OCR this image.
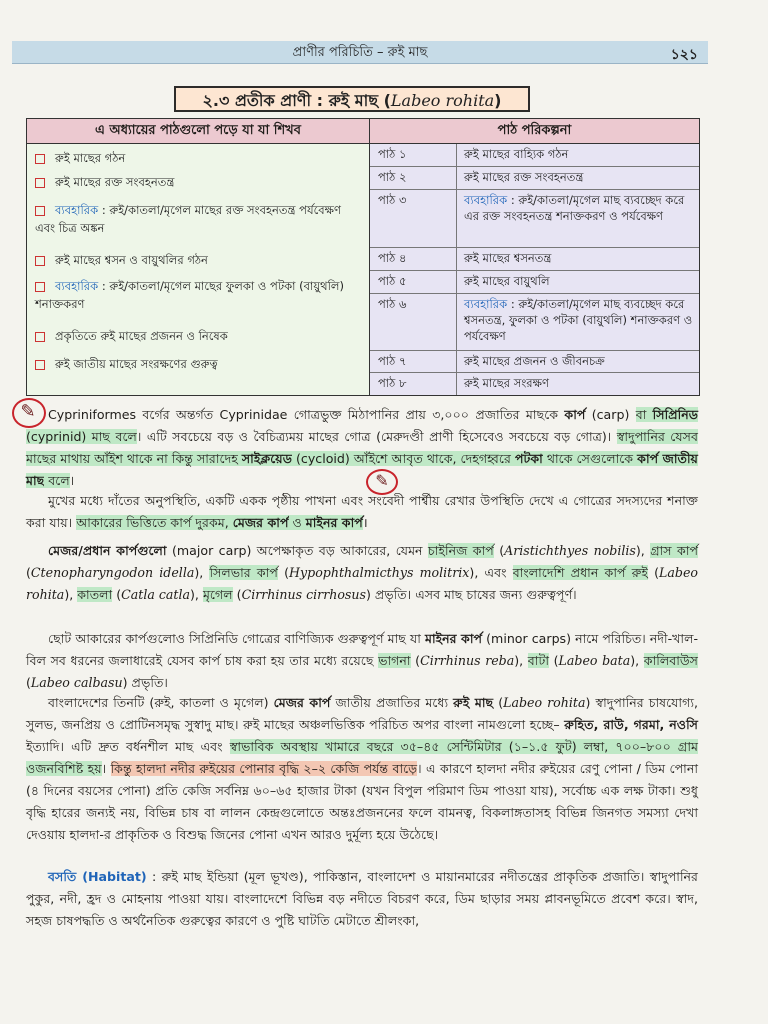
প্রাণীর পরিচিতি – রুই মাছ	১২১
২.৩ প্রতীক প্রাণী : রুই মাছ (Labeo rohita)
এ অধ্যায়ের পাঠগুলো পড়ে যা যা শিখব	পাঠ পরিকল্পনা
রুই মাছের গঠন
রুই মাছের রক্ত সংবহনতন্ত্র
ব্যবহারিক : রুই/কাতলা/মৃগেল মাছের রক্ত সংবহনতন্ত্র পর্যবেক্ষণ এবং চিত্র অঙ্কন
রুই মাছের শ্বসন ও বায়ুথলির গঠন
ব্যবহারিক : রুই/কাতলা/মৃগেল মাছের ফুলকা ও পটকা (বায়ুথলি) শনাক্তকরণ
প্রকৃতিতে রুই মাছের প্রজনন ও নিষেক
রুই জাতীয় মাছের সংরক্ষণের গুরুত্ব
পাঠ ১	রুই মাছের বাহ্যিক গঠন
পাঠ ২	রুই মাছের রক্ত সংবহনতন্ত্র
পাঠ ৩	ব্যবহারিক : রুই/কাতলা/মৃগেল মাছ ব্যবচ্ছেদ করে এর রক্ত সংবহনতন্ত্র শনাক্তকরণ ও পর্যবেক্ষণ
পাঠ ৪	রুই মাছের শ্বসনতন্ত্র
পাঠ ৫	রুই মাছের বায়ুথলি
পাঠ ৬	ব্যবহারিক : রুই/কাতলা/মৃগেল মাছ ব্যবচ্ছেদ করে শ্বসনতন্ত্র, ফুলকা ও পটকা (বায়ুথলি) শনাক্তকরণ ও পর্যবেক্ষণ
পাঠ ৭	রুই মাছের প্রজনন ও জীবনচক্র
পাঠ ৮	রুই মাছের সংরক্ষণ
✎
✎
Cypriniformes বর্গের অন্তর্গত Cyprinidae গোত্রভুক্ত মিঠাপানির প্রায় ৩,০০০ প্রজাতির মাছকে কার্প (carp) বা সিপ্রিনিড (cyprinid) মাছ বলে। এটি সবচেয়ে বড় ও বৈচিত্র্যময় মাছের গোত্র (মেরুদণ্ডী প্রাণী হিসেবেও সবচেয়ে বড় গোত্র)। স্বাদুপানির যেসব মাছের মাথায় আঁইশ থাকে না কিন্তু সারাদেহ সাইক্লয়েড (cycloid) আঁইশে আবৃত থাকে, দেহগহ্বরে পটকা থাকে সেগুলোকে কার্প জাতীয় মাছ বলে।
মুখের মধ্যে দাঁতের অনুপস্থিতি, একটি একক পৃষ্ঠীয় পাখনা এবং সংবেদী পার্শ্বীয় রেখার উপস্থিতি দেখে এ গোত্রের সদস্যদের শনাক্ত করা যায়। আকারের ভিত্তিতে কার্প দুরকম, মেজর কার্প ও মাইনর কার্প।
মেজর/প্রধান কার্পগুলো (major carp) অপেক্ষাকৃত বড় আকারের, যেমন চাইনিজ কার্প (Aristichthyes nobilis), গ্রাস কার্প (Ctenopharyngodon idella), সিলভার কার্প (Hypophthalmicthys molitrix), এবং বাংলাদেশি প্রধান কার্প রুই (Labeo rohita), কাতলা (Catla catla), মৃগেল (Cirrhinus cirrhosus) প্রভৃতি। এসব মাছ চাষের জন্য গুরুত্বপূর্ণ।
ছোট আকারের কার্পগুলোও সিপ্রিনিডি গোত্রের বাণিজ্যিক গুরুত্বপূর্ণ মাছ যা মাইনর কার্প (minor carps) নামে পরিচিত। নদী-খাল-বিল সব ধরনের জলাধারেই যেসব কার্প চাষ করা হয় তার মধ্যে রয়েছে ভাগনা (Cirrhinus reba), বাটা (Labeo bata), কালিবাউস (Labeo calbasu) প্রভৃতি।
বাংলাদেশের তিনটি (রুই, কাতলা ও মৃগেল) মেজর কার্প জাতীয় প্রজাতির মধ্যে রুই মাছ (Labeo rohita) স্বাদুপানির চাষযোগ্য, সুলভ, জনপ্রিয় ও প্রোটিনসমৃদ্ধ সুস্বাদু মাছ। রুই মাছের অঞ্চলভিত্তিক পরিচিত অপর বাংলা নামগুলো হচ্ছে– রুহিত, রাউ, গরমা, নওসি ইত্যাদি। এটি দ্রুত বর্ধনশীল মাছ এবং স্বাভাবিক অবস্থায় খামারে বছরে ৩৫–৪৫ সেন্টিমিটার (১–১.৫ ফুট) লম্বা, ৭০০–৮০০ গ্রাম ওজনবিশিষ্ট হয়। কিন্তু হালদা নদীর রুইয়ের পোনার বৃদ্ধি ২–২ কেজি পর্যন্ত বাড়ে। এ কারণে হালদা নদীর রুইয়ের রেণু পোনা / ডিম পোনা (৪ দিনের বয়সের পোনা) প্রতি কেজি সর্বনিম্ন ৬০–৬৫ হাজার টাকা (যখন বিপুল পরিমাণ ডিম পাওয়া যায়), সর্বোচ্চ এক লক্ষ টাকা। শুধু বৃদ্ধি হারের জন্যই নয়, বিভিন্ন চাষ বা লালন কেন্দ্রগুলোতে অন্তঃপ্রজননের ফলে বামনত্ব, বিকলাঙ্গতাসহ বিভিন্ন জিনগত সমস্যা দেখা দেওয়ায় হালদা-র প্রাকৃতিক ও বিশুদ্ধ জিনের পোনা এখন আরও দুর্মূল্য হয়ে উঠেছে।
বসতি (Habitat) : রুই মাছ ইন্ডিয়া (মূল ভূখণ্ড), পাকিস্তান, বাংলাদেশ ও মায়ানমারের নদীতন্ত্রের প্রাকৃতিক প্রজাতি। স্বাদুপানির পুকুর, নদী, হ্রদ ও মোহনায় পাওয়া যায়। বাংলাদেশে বিভিন্ন বড় নদীতে বিচরণ করে, ডিম ছাড়ার সময় প্লাবনভূমিতে প্রবেশ করে। স্বাদ, সহজ চাষপদ্ধতি ও অর্থনৈতিক গুরুত্বের কারণে ও পুষ্টি ঘাটতি মেটাতে শ্রীলংকা,
